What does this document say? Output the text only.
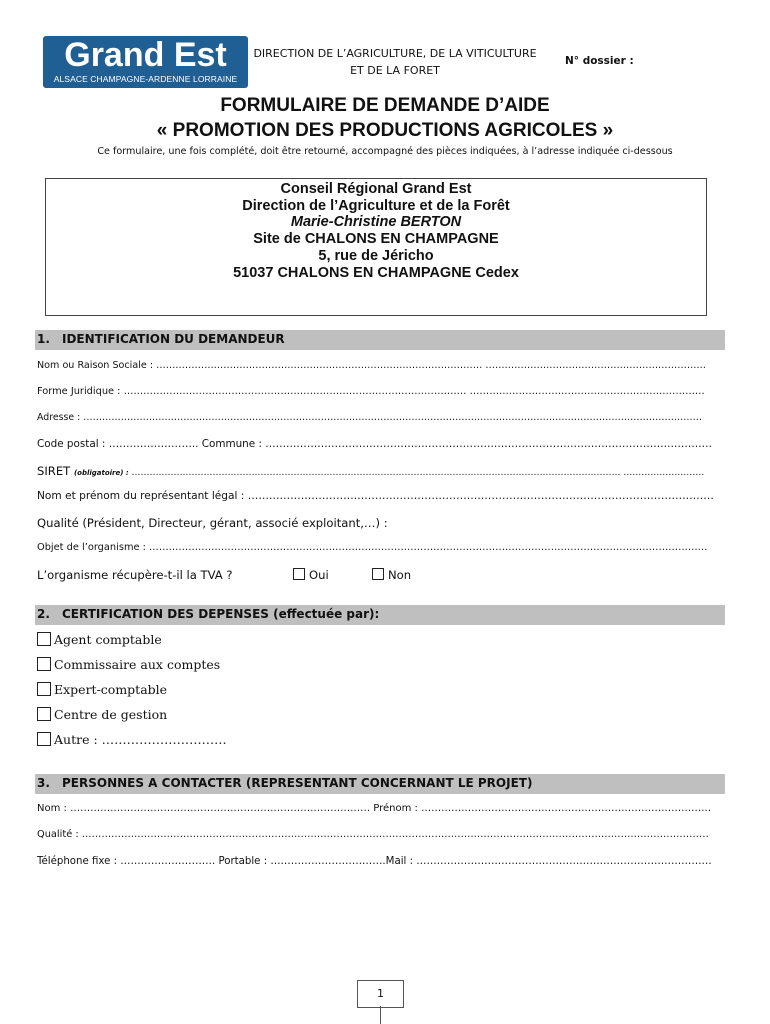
Grand Est
ALSACE CHAMPAGNE-ARDENNE LORRAINE
DIRECTION DE L’AGRICULTURE, DE LA VITICULTURE
ET DE LA FORET
N° dossier :
FORMULAIRE DE DEMANDE D’AIDE
« PROMOTION DES PRODUCTIONS AGRICOLES »
Ce formulaire, une fois complété, doit être retourné, accompagné des pièces indiquées, à l’adresse indiquée ci-dessous
Conseil Régional Grand Est
Direction de l’Agriculture et de la Forêt
Marie-Christine BERTON
Site de CHALONS EN CHAMPAGNE
5, rue de Jéricho
51037 CHALONS EN CHAMPAGNE Cedex
1. IDENTIFICATION DU DEMANDEUR
Nom ou Raison Sociale : ………………………………………………………………………………………… ……………………………………………………………
Forme Juridique : …………………………………………………………………………………………… ………………………………………………………………
Adresse : ………………………………………………………………………………………………………………………………………………………………………………
Code postal : …………………….. Commune : …………………………………………………………………………………………………………………
SIRET (obligatoire) : ………………………………………………………………………………………………………………………………………………. ………………………
Nom et prénom du représentant légal : ……………………………………………………………………………………………………………………
Qualité (Président, Directeur, gérant, associé exploitant,…) :
Objet de l’organisme : ………………………………………………………………………………………………………………………………………………………
L’organisme récupère-t-il la TVA ?	Oui	Non
2. CERTIFICATION DES DEPENSES (effectuée par):
Agent comptable
Commissaire aux comptes
Expert-comptable
Centre de gestion
Autre : …………………………
3. PERSONNES A CONTACTER (REPRESENTANT CONCERNANT LE PROJET)
Nom : ……………………………………………………………………………… Prénom : ……………………………………………………………………………
Qualité : …………………………………………………………………………………………………………………………………………………………………………
Téléphone fixe : ………………………. Portable : …………………………….Mail : ……………………………………………………………………………
1
